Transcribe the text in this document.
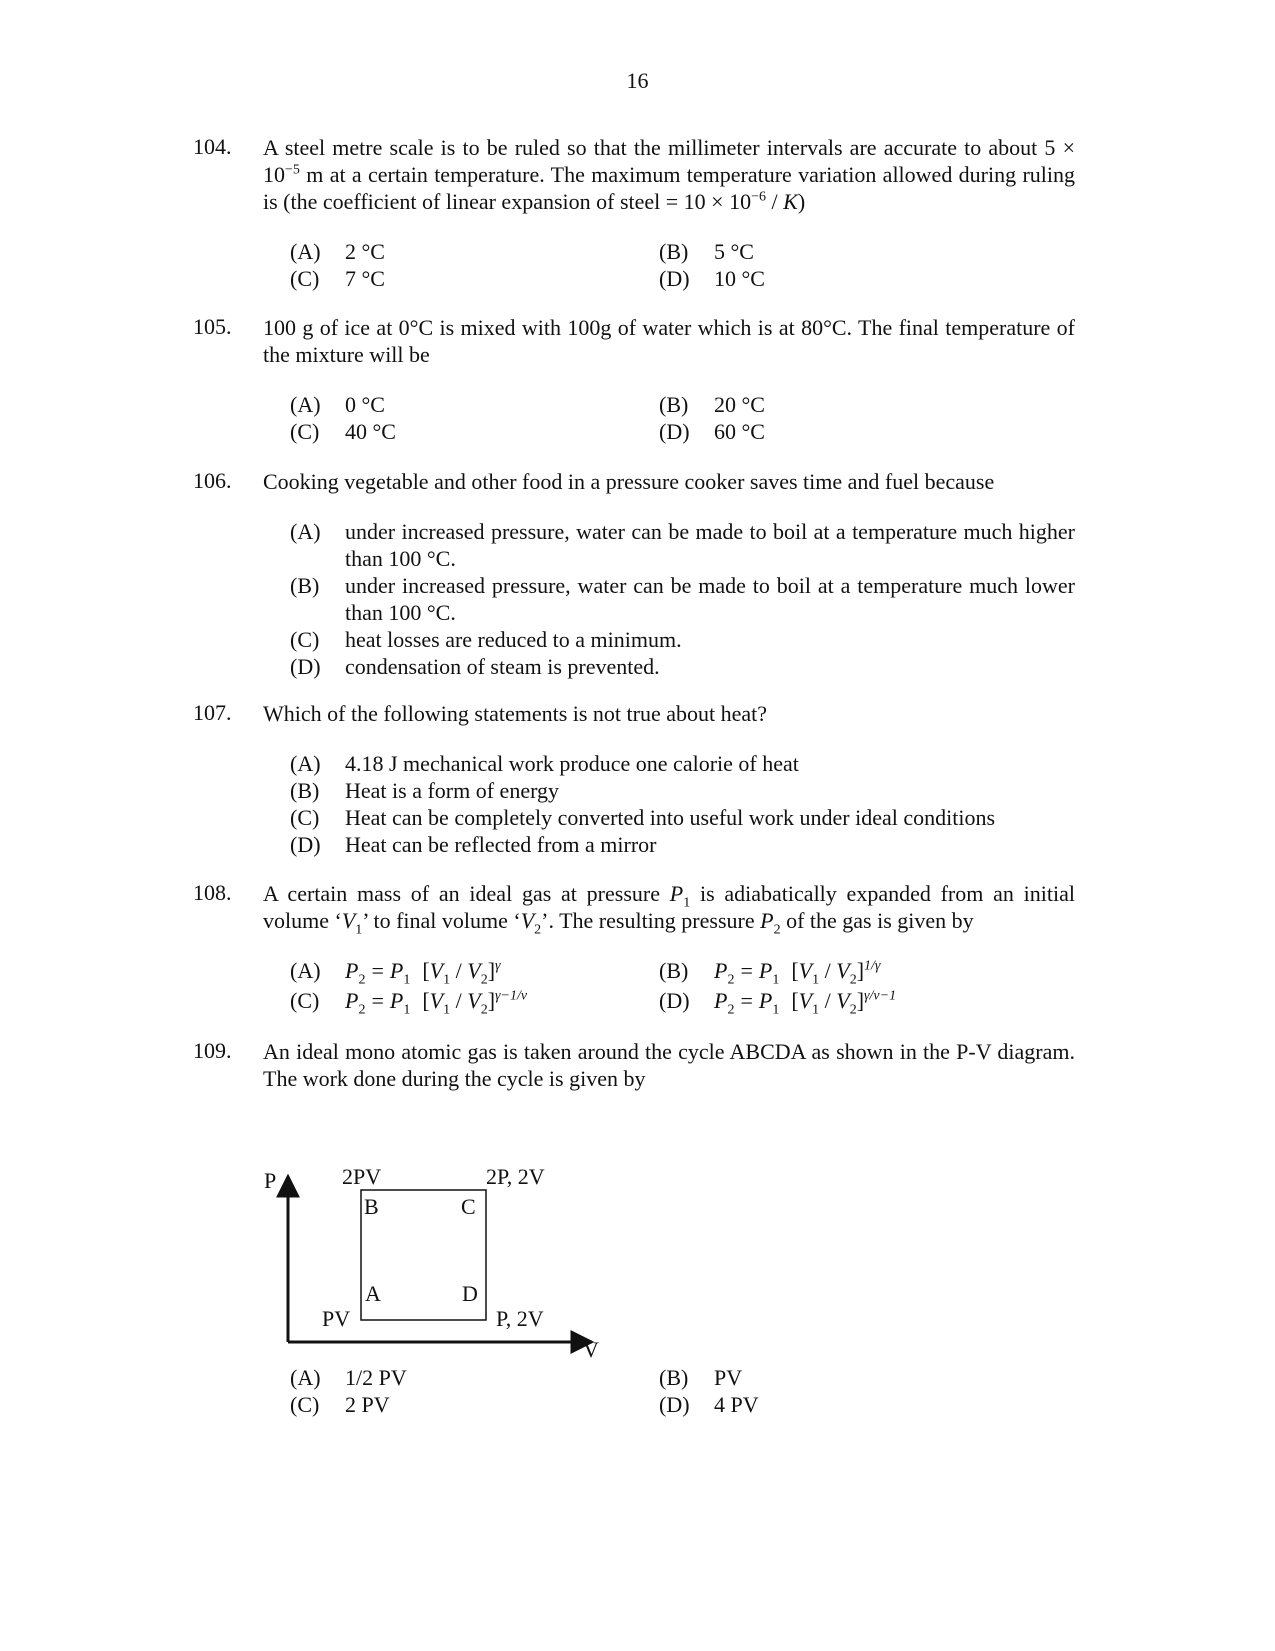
16
104. A steel metre scale is to be ruled so that the millimeter intervals are accurate to about $5 \times 10^{-5}$ m at a certain temperature. The maximum temperature variation allowed during ruling is (the coefficient of linear expansion of steel = $10 \times 10^{-6} / K$)
(A) 2 °C	(B) 5 °C
(C) 7 °C	(D) 10 °C
105. 100 g of ice at 0°C is mixed with 100g of water which is at 80°C. The final temperature of the mixture will be
(A) 0 °C	(B) 20 °C
(C) 40 °C	(D) 60 °C
106. Cooking vegetable and other food in a pressure cooker saves time and fuel because
(A)	under increased pressure, water can be made to boil at a temperature much higher than 100 °C.
(B)	under increased pressure, water can be made to boil at a temperature much lower than 100 °C.
(C)	heat losses are reduced to a minimum.
(D)	condensation of steam is prevented.
107. Which of the following statements is not true about heat?
(A)	4.18 J mechanical work produce one calorie of heat
(B)	Heat is a form of energy
(C)	Heat can be completely converted into useful work under ideal conditions
(D)	Heat can be reflected from a mirror
108. A certain mass of an ideal gas at pressure $P_1$ is adiabatically expanded from an initial volume ‘$V_1$’ to final volume ‘$V_2$’. The resulting pressure $P_2$ of the gas is given by
(A) $P_2 = P_1$ $[V_1 / V_2]^\gamma$	(B) $P_2 = P_1$ $[V_1 / V_2]^{1/\gamma}$
(C) $P_2 = P_1$ $[V_1 / V_2]^{\gamma-1/v}$	(D) $P_2 = P_1$ $[V_1 / V_2]^{\gamma/v-1}$
109. An ideal mono atomic gas is taken around the cycle ABCDA as shown in the P-V diagram. The work done during the cycle is given by
P
V
2PV	2P, 2V
PV	P, 2V
B	C
A	D
(A) 1/2 PV	(B) PV
(C) 2 PV	(D) 4 PV
